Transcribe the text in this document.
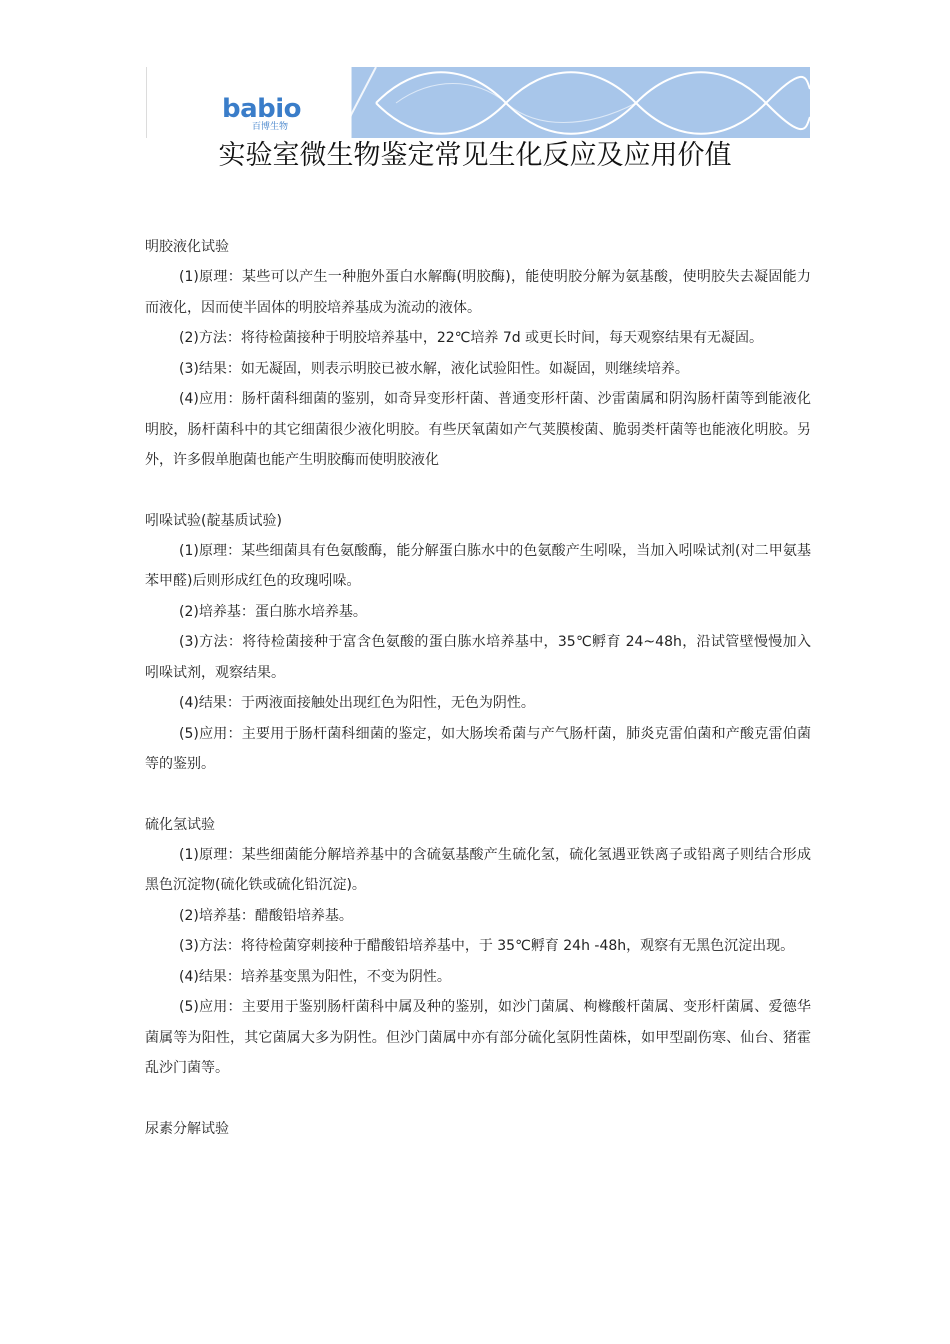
babio
百博生物
实验室微生物鉴定常见生化反应及应用价值
明胶液化试验

(1)原理：某些可以产生一种胞外蛋白水解酶(明胶酶)，能使明胶分解为氨基酸，使明胶失去凝固能力而液化，因而使半固体的明胶培养基成为流动的液体。

(2)方法：将待检菌接种于明胶培养基中，22℃培养 7d 或更长时间，每天观察结果有无凝固。

(3)结果：如无凝固，则表示明胶已被水解，液化试验阳性。如凝固，则继续培养。

(4)应用：肠杆菌科细菌的鉴别，如奇异变形杆菌、普通变形杆菌、沙雷菌属和阴沟肠杆菌等到能液化明胶，肠杆菌科中的其它细菌很少液化明胶。有些厌氧菌如产气荚膜梭菌、脆弱类杆菌等也能液化明胶。另外，许多假单胞菌也能产生明胶酶而使明胶液化

吲哚试验(靛基质试验)

(1)原理：某些细菌具有色氨酸酶，能分解蛋白胨水中的色氨酸产生吲哚，当加入吲哚试剂(对二甲氨基苯甲醛)后则形成红色的玫瑰吲哚。

(2)培养基：蛋白胨水培养基。

(3)方法：将待检菌接种于富含色氨酸的蛋白胨水培养基中，35℃孵育 24~48h，沿试管壁慢慢加入吲哚试剂，观察结果。

(4)结果：于两液面接触处出现红色为阳性，无色为阴性。

(5)应用：主要用于肠杆菌科细菌的鉴定，如大肠埃希菌与产气肠杆菌，肺炎克雷伯菌和产酸克雷伯菌等的鉴别。

硫化氢试验

(1)原理：某些细菌能分解培养基中的含硫氨基酸产生硫化氢，硫化氢遇亚铁离子或铅离子则结合形成黑色沉淀物(硫化铁或硫化铅沉淀)。

(2)培养基：醋酸铅培养基。

(3)方法：将待检菌穿刺接种于醋酸铅培养基中，于 35℃孵育 24h -48h，观察有无黑色沉淀出现。

(4)结果：培养基变黑为阳性，不变为阴性。

(5)应用：主要用于鉴别肠杆菌科中属及种的鉴别，如沙门菌属、枸橼酸杆菌属、变形杆菌属、爱德华菌属等为阳性，其它菌属大多为阴性。但沙门菌属中亦有部分硫化氢阴性菌株，如甲型副伤寒、仙台、猪霍乱沙门菌等。

尿素分解试验
